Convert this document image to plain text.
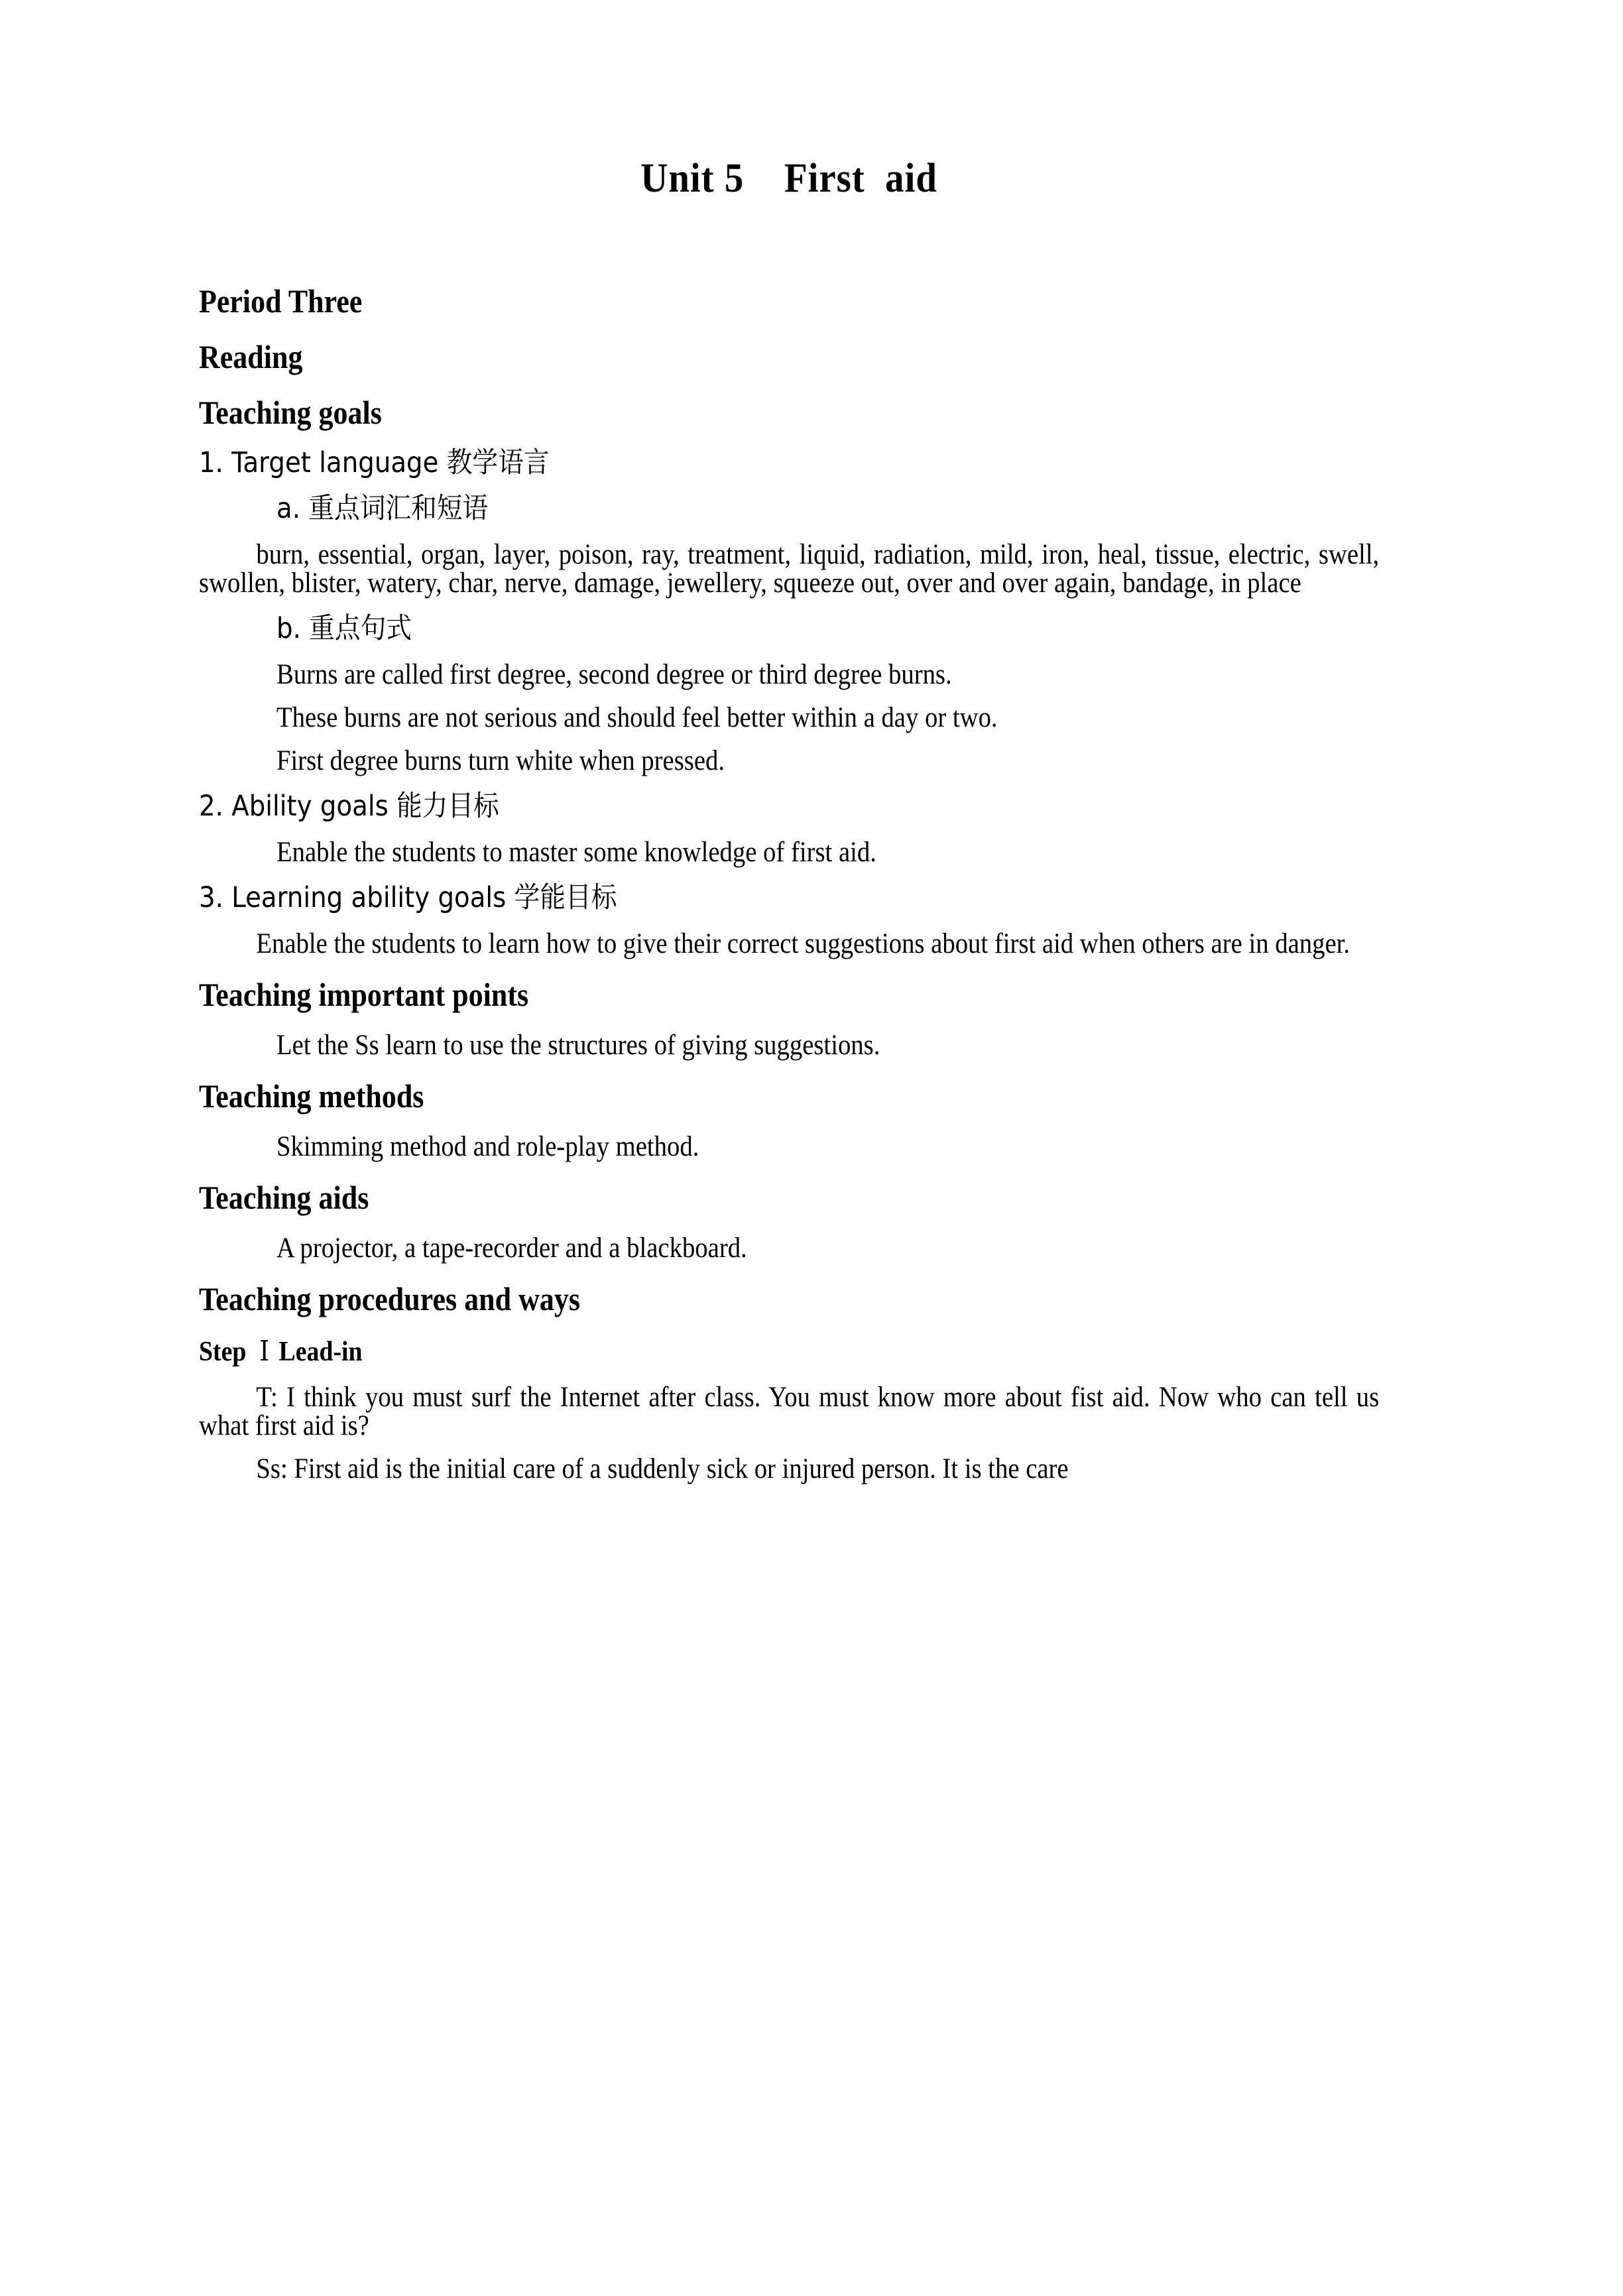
Unit 5    First  aid
Period Three
Reading
Teaching goals

1. Target language 教学语言

a. 重点词汇和短语

burn, essential, organ, layer, poison, ray, treatment, liquid, radiation, mild, iron, heal, tissue, electric, swell, swollen, blister, watery, char, nerve, damage, jewellery, squeeze out, over and over again, bandage, in place

b. 重点句式

Burns are called first degree, second degree or third degree burns.

These burns are not serious and should feel better within a day or two.

First degree burns turn white when pressed.

2. Ability goals 能力目标

Enable the students to master some knowledge of first aid.

3. Learning ability goals 学能目标

Enable the students to learn how to give their correct suggestions about first aid when others are in danger.

Teaching important points

Let the Ss learn to use the structures of giving suggestions.

Teaching methods

Skimming method and role-play method.

Teaching aids

A projector, a tape-recorder and a blackboard.

Teaching procedures and ways
Step Ⅰ Lead-in

T: I think you must surf the Internet after class. You must know more about fist aid. Now who can tell us what first aid is?

Ss: First aid is the initial care of a suddenly sick or injured person. It is the care
